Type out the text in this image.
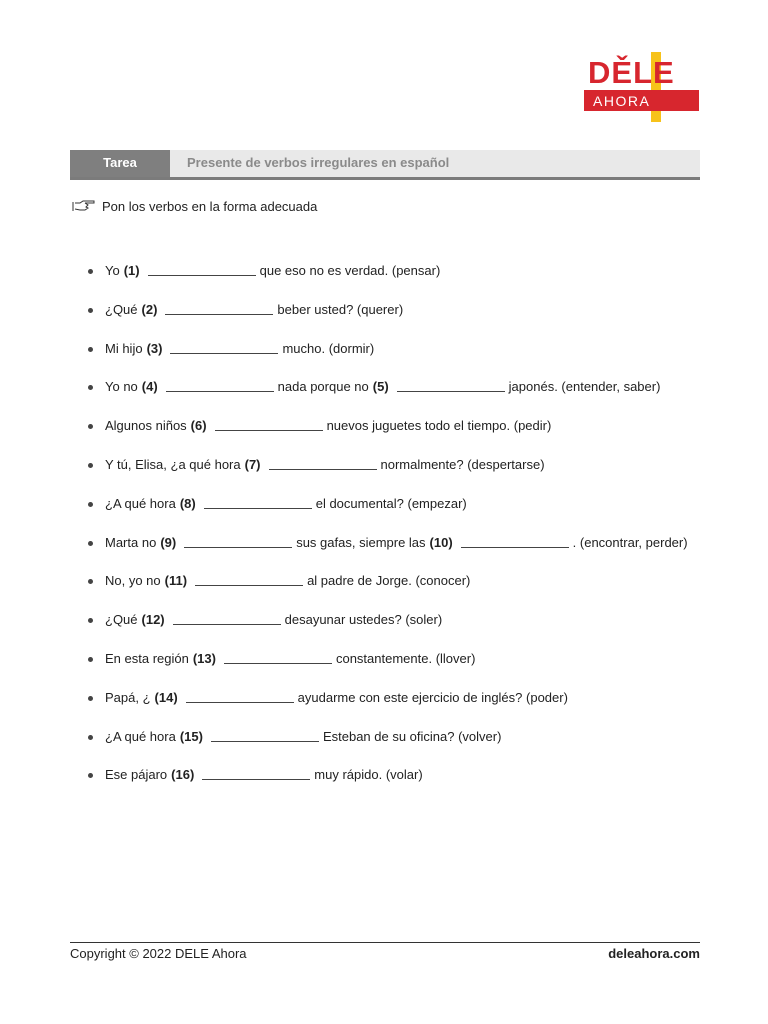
DĚLE
AHORA
Tarea	Presente de verbos irregulares en español
Pon los verbos en la forma adecuada
Yo (1)	que eso no es verdad. (pensar)
¿Qué (2)	beber usted? (querer)
Mi hijo (3)	mucho. (dormir)
Yo no (4)	nada porque no (5)	japonés. (entender, saber)
Algunos niños (6)	nuevos juguetes todo el tiempo. (pedir)
Y tú, Elisa, ¿a qué hora (7)	normalmente? (despertarse)
¿A qué hora (8)	el documental? (empezar)
Marta no (9)	sus gafas, siempre las (10)	. (encontrar, perder)
No, yo no (11)	al padre de Jorge. (conocer)
¿Qué (12)	desayunar ustedes? (soler)
En esta región (13)	constantemente. (llover)
Papá, ¿ (14)	ayudarme con este ejercicio de inglés? (poder)
¿A qué hora (15)	Esteban de su oficina? (volver)
Ese pájaro (16)	muy rápido. (volar)
Copyright © 2022 DELE Ahora	deleahora.com
